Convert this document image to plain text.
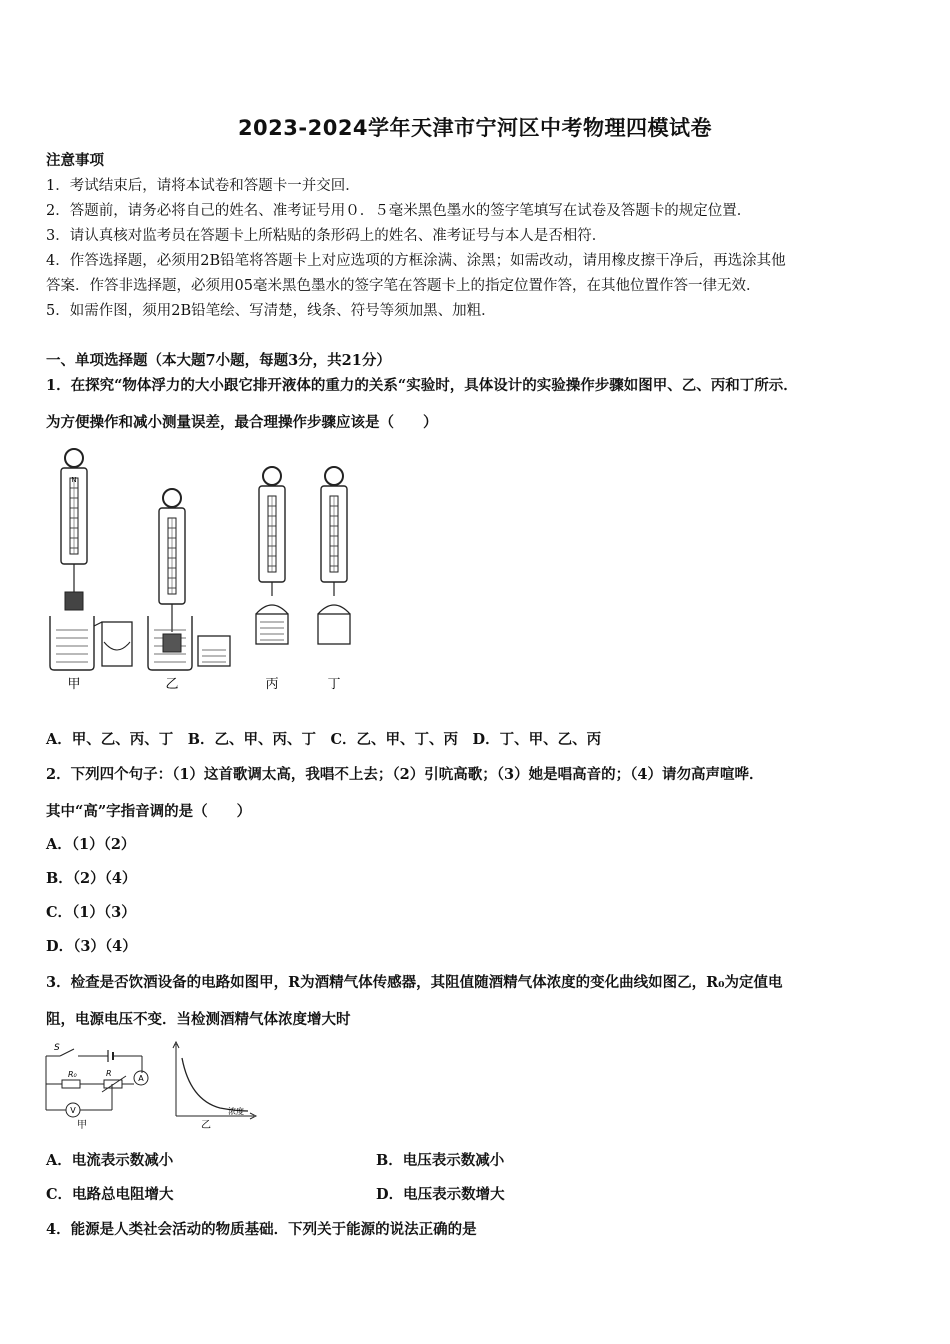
2023-2024学年天津市宁河区中考物理四模试卷
注意事项
1．考试结束后，请将本试卷和答题卡一并交回．
2．答题前，请务必将自己的姓名、准考证号用０．５毫米黑色墨水的签字笔填写在试卷及答题卡的规定位置．
3．请认真核对监考员在答题卡上所粘贴的条形码上的姓名、准考证号与本人是否相符．
4．作答选择题，必须用2B铅笔将答题卡上对应选项的方框涂满、涂黑；如需改动，请用橡皮擦干净后，再选涂其他
答案．作答非选择题，必须用05毫米黑色墨水的签字笔在答题卡上的指定位置作答，在其他位置作答一律无效．
5．如需作图，须用2B铅笔绘、写清楚，线条、符号等须加黑、加粗．
一、单项选择题（本大题7小题，每题3分，共21分）
1．在探究“物体浮力的大小跟它排开液体的重力的关系“实验时，具体设计的实验操作步骤如图甲、乙、丙和丁所示．
为方便操作和减小测量误差，最合理操作步骤应该是（　　）
N
甲	乙	丙	丁
A．甲、乙、丙、丁　B．乙、甲、丙、丁　C．乙、甲、丁、丙　D．丁、甲、乙、丙
2．下列四个句子：（1）这首歌调太高，我唱不上去；（2）引吭高歌；（3）她是唱高音的；（4）请勿高声喧哗．
其中“高”字指音调的是（　　）
A．（1）（2）
B．（2）（4）
C．（1）（3）
D．（3）（4）
3．检查是否饮酒设备的电路如图甲，R为酒精气体传感器，其阻值随酒精气体浓度的变化曲线如图乙，R₀为定值电
阻，电源电压不变．当检测酒精气体浓度增大时
S
R₀	R
A
V
甲
浓度
乙
A．电流表示数减小	B．电压表示数减小
C．电路总电阻增大	D．电压表示数增大
4．能源是人类社会活动的物质基础．下列关于能源的说法正确的是
